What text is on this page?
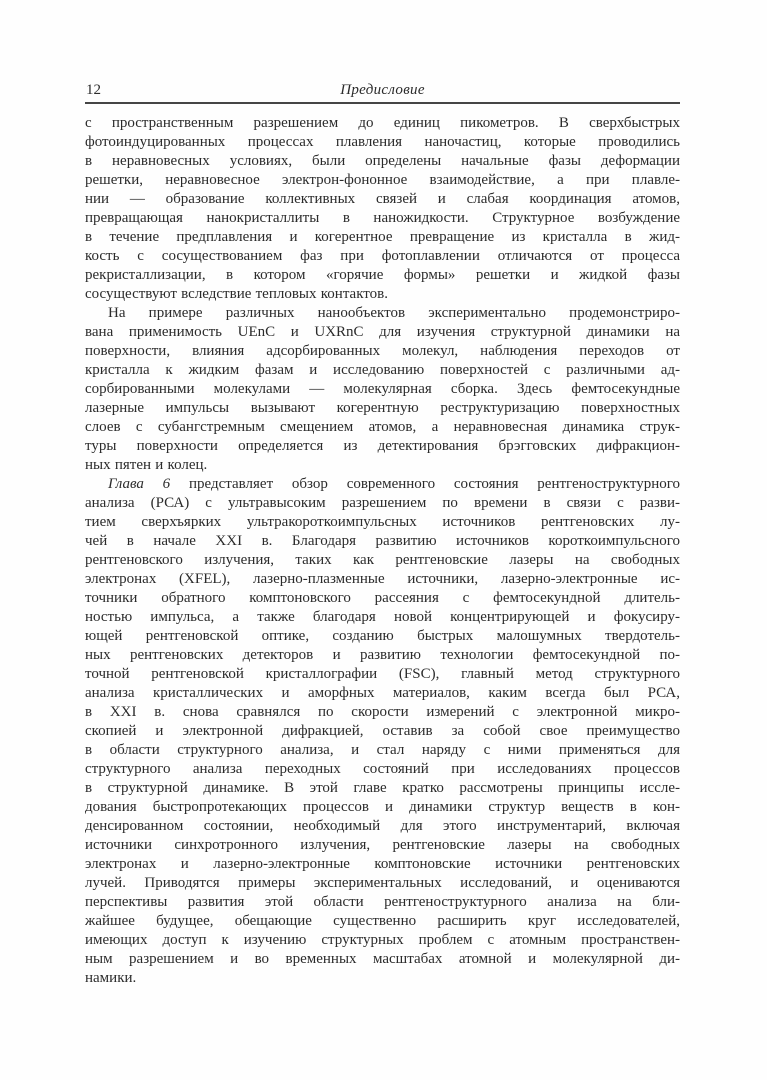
12	Предисловие
с пространственным разрешением до единиц пикометров. В сверхбыстрых
фотоиндуцированных процессах плавления наночастиц, которые проводились
в неравновесных условиях, были определены начальные фазы деформации
решетки, неравновесное электрон-фононное взаимодействие, а при плавле-
нии — образование коллективных связей и слабая координация атомов,
превращающая нанокристаллиты в наножидкости. Структурное возбуждение
в течение предплавления и когерентное превращение из кристалла в жид-
кость с сосуществованием фаз при фотоплавлении отличаются от процесса
рекристаллизации, в котором «горячие формы» решетки и жидкой фазы
сосуществуют вследствие тепловых контактов.
На примере различных нанообъектов экспериментально продемонстриро-
вана применимость UEnC и UXRnC для изучения структурной динамики на
поверхности, влияния адсорбированных молекул, наблюдения переходов от
кристалла к жидким фазам и исследованию поверхностей с различными ад-
сорбированными молекулами — молекулярная сборка. Здесь фемтосекундные
лазерные импульсы вызывают когерентную реструктуризацию поверхностных
слоев с субангстремным смещением атомов, а неравновесная динамика струк-
туры поверхности определяется из детектирования брэгговских дифракцион-
ных пятен и колец.
Глава 6 представляет обзор современного состояния рентгеноструктурного
анализа (РСА) с ультравысоким разрешением по времени в связи с разви-
тием сверхъярких ультракороткоимпульсных источников рентгеновских лу-
чей в начале XXI в. Благодаря развитию источников короткоимпульсного
рентгеновского излучения, таких как рентгеновские лазеры на свободных
электронах (XFEL), лазерно-плазменные источники, лазерно-электронные ис-
точники обратного комптоновского рассеяния с фемтосекундной длитель-
ностью импульса, а также благодаря новой концентрирующей и фокусиру-
ющей рентгеновской оптике, созданию быстрых малошумных твердотель-
ных рентгеновских детекторов и развитию технологии фемтосекундной по-
точной рентгеновской кристаллографии (FSC), главный метод структурного
анализа кристаллических и аморфных материалов, каким всегда был РСА,
в XXI в. снова сравнялся по скорости измерений с электронной микро-
скопией и электронной дифракцией, оставив за собой свое преимущество
в области структурного анализа, и стал наряду с ними применяться для
структурного анализа переходных состояний при исследованиях процессов
в структурной динамике. В этой главе кратко рассмотрены принципы иссле-
дования быстропротекающих процессов и динамики структур веществ в кон-
денсированном состоянии, необходимый для этого инструментарий, включая
источники синхротронного излучения, рентгеновские лазеры на свободных
электронах и лазерно-электронные комптоновские источники рентгеновских
лучей. Приводятся примеры экспериментальных исследований, и оцениваются
перспективы развития этой области рентгеноструктурного анализа на бли-
жайшее будущее, обещающие существенно расширить круг исследователей,
имеющих доступ к изучению структурных проблем с атомным пространствен-
ным разрешением и во временных масштабах атомной и молекулярной ди-
намики.
